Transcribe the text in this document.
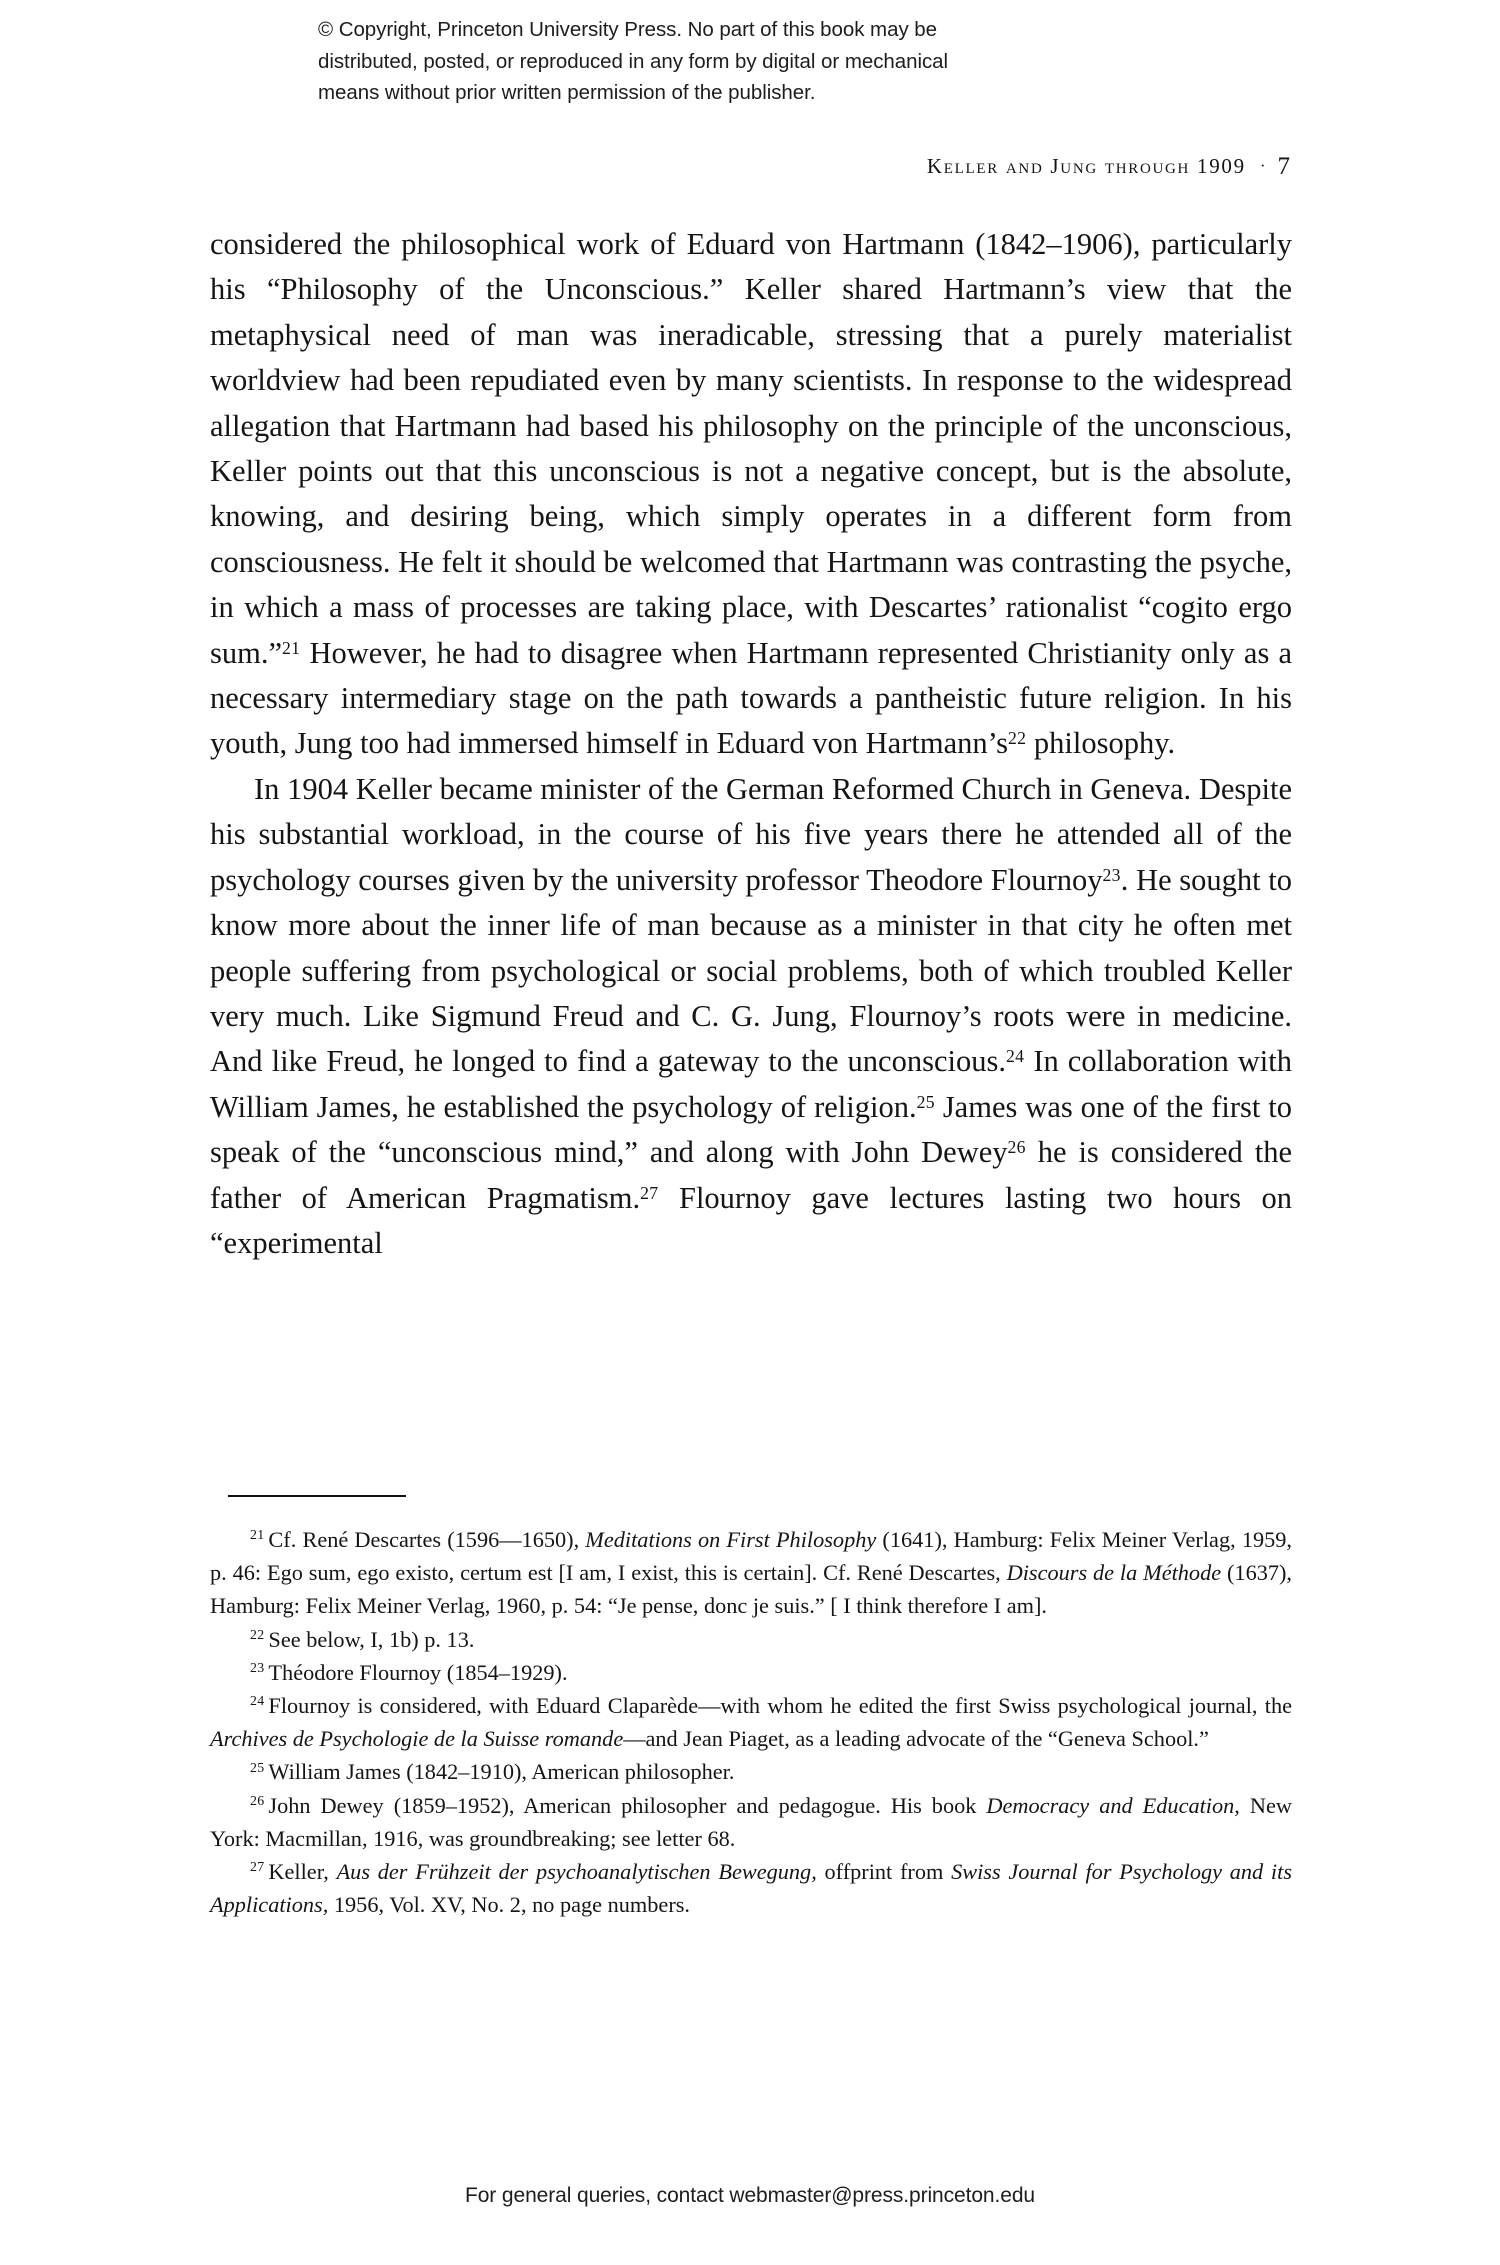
© Copyright, Princeton University Press. No part of this book may be

distributed, posted, or reproduced in any form by digital or mechanical

means without prior written permission of the publisher.

Keller and Jung through 1909 · 7

considered the philosophical work of Eduard von Hartmann (1842–1906), particularly his “Philosophy of the Unconscious.” Keller shared Hartmann’s view that the metaphysical need of man was ineradicable, stressing that a purely materialist worldview had been repudiated even by many scientists. In response to the widespread allegation that Hartmann had based his philosophy on the principle of the unconscious, Keller points out that this unconscious is not a negative concept, but is the absolute, knowing, and desiring being, which simply operates in a different form from consciousness. He felt it should be welcomed that Hartmann was contrasting the psyche, in which a mass of processes are taking place, with Descartes’ rationalist “cogito ergo sum.”$^{21}$ However, he had to disagree when Hartmann represented Christianity only as a necessary intermediary stage on the path towards a pantheistic future religion. In his youth, Jung too had immersed himself in Eduard von $Hartmann’s^{22}$ philosophy.

In 1904 Keller became minister of the German Reformed Church in Geneva. Despite his substantial workload, in the course of his five years there he attended all of the psychology courses given by the university professor Theodore Flournoy$^{23}$. He sought to know more about the inner life of man because as a minister in that city he often met people suffering from psychological or social problems, both of which troubled Keller very much. Like Sigmund Freud and C. G. Jung, Flournoy’s roots were in medicine. And like Freud, he longed to find a gateway to the unconscious.$^{24}$ In collaboration with William James, he established the psychology of religion.$^{25}$ James was one of the first to speak of the “unconscious mind,” and along with John Dewey$^{26}$ he is considered the father of American Pragmatism.$^{27}$ Flournoy gave lectures lasting two hours on “experimental

$^{21}$ Cf. René Descartes (1596—1650), Meditations on First Philosophy (1641), Hamburg: Felix Meiner Verlag, 1959, p. 46: Ego sum, ego existo, certum est [I am, I exist, this is certain]. Cf. René Descartes, Discours de la Méthode (1637), Hamburg: Felix Meiner Verlag, 1960, p. 54: “Je pense, donc je suis.” [ I think therefore I am].

$^{22}$ See below, I, 1b) p. 13.

$^{23}$ Théodore Flournoy (1854–1929).

$^{24}$ Flournoy is considered, with Eduard Claparède—with whom he edited the first Swiss psychological journal, the Archives de Psychologie de la Suisse romande—and Jean Piaget, as a leading advocate of the “Geneva School.”

$^{25}$ William James (1842–1910), American philosopher.

$^{26}$ John Dewey (1859–1952), American philosopher and pedagogue. His book Democracy and Education, New York: Macmillan, 1916, was groundbreaking; see letter 68.

$^{27}$ Keller, Aus der Frühzeit der psychoanalytischen Bewegung, offprint from Swiss Journal for Psychology and its Applications, 1956, Vol. XV, No. 2, no page numbers.

For general queries, contact webmaster@press.princeton.edu
